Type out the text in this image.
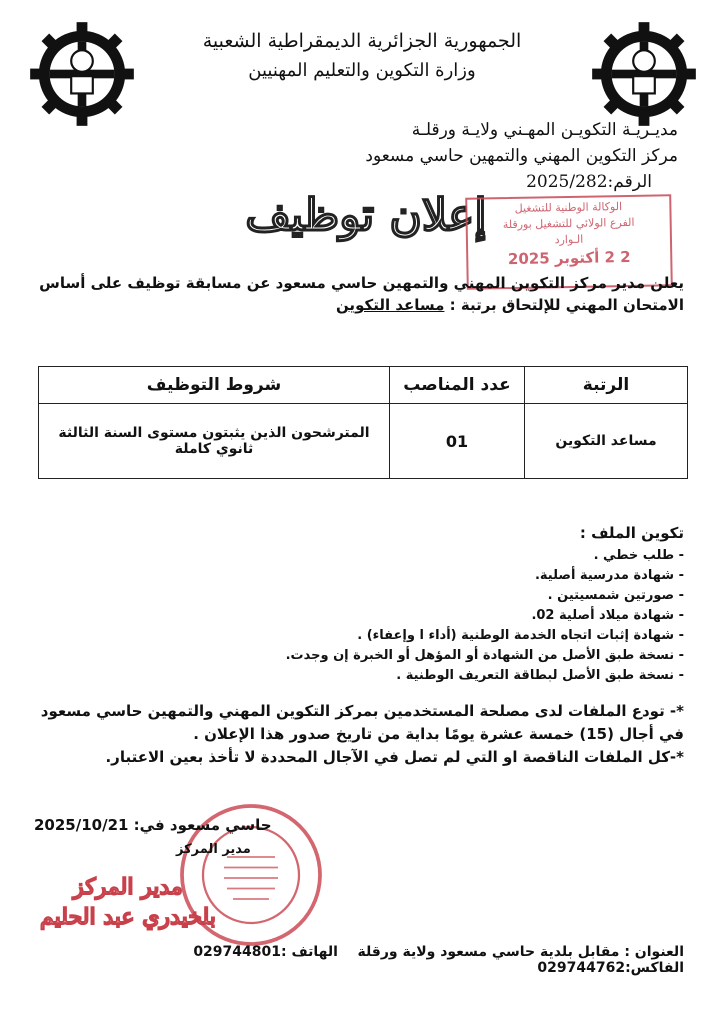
الجمهورية الجزائرية الديمقراطية الشعبية
وزارة التكوين والتعليم المهنيين
مديـريـة التكويـن المهـني ولايـة ورقلـة
مركز التكوين المهني والتمهين حاسي مسعود
الرقم:2025/282
إعلان توظيف	الوكالة الوطنية للتشغيل
الفرع الولائي للتشغيل بورقلة
الـوارد
2 2 أكتوبر 2025
يعلن مدير مركز التكوين المهني والتمهين حاسي مسعود عن مسابقة توظيف على أساس الامتحان المهني للإلتحاق برتبة : مساعد التكوين
الرتبة	عدد المناصب	شروط التوظيف
مساعد التكوين	01	المترشحون الذين يثبتون مستوى السنة الثالثة ثانوي كاملة
تكوين الملف :
- طلب خطي .
- شهادة مدرسية أصلية.
- صورتين شمسيتين .
- شهادة ميلاد أصلية 02.
- شهادة إثبات اتجاه الخدمة الوطنية (أداء ا وإعفاء) .
- نسخة طبق الأصل من الشهادة أو المؤهل أو الخبرة إن وجدت.
- نسخة طبق الأصل لبطاقة التعريف الوطنية .
*- تودع الملفات لدى مصلحة المستخدمين بمركز التكوين المهني والتمهين حاسي مسعود في أجال (15) خمسة عشرة يومًا بداية من تاريخ صدور هذا الإعلان .
*-كل الملفات الناقصة او التي لم تصل في الآجال المحددة لا تأخذ بعين الاعتبار.
حاسي مسعود في: 2025/10/21
مدير المركز
مدير المركز
بلخيدري عبد الحليم
العنوان : مقابل بلدية حاسي مسعود ولاية ورقلة    الهاتف :029744801     الفاكس:029744762
